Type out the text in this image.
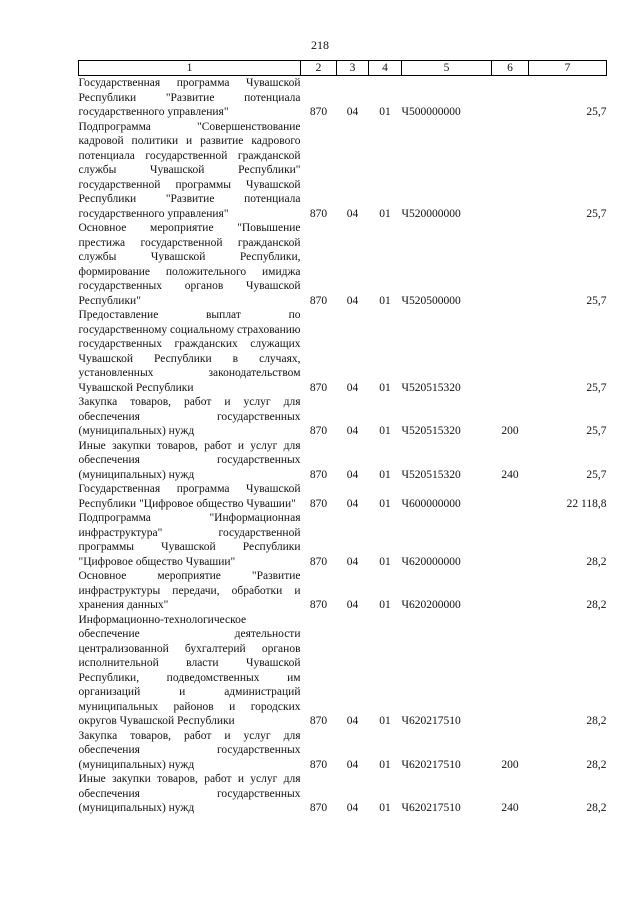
218
1	2	3	4	5	6	7
Государственная программа Чувашской Республики "Развитие потенциала государственного управления"	870	04	01	Ч500000000		25,7
Подпрограмма "Совершенствование кадровой политики и развитие кадрового потенциала государственной гражданской службы Чувашской Республики" государственной программы Чувашской Республики "Развитие потенциала государственного управления"	870	04	01	Ч520000000		25,7
Основное мероприятие "Повышение престижа государственной гражданской службы Чувашской Республики, формирование положительного имиджа государственных органов Чувашской Республики"	870	04	01	Ч520500000		25,7
Предоставление выплат по государственному социальному страхованию государственных гражданских служащих Чувашской Республики в случаях, установленных законодательством Чувашской Республики	870	04	01	Ч520515320		25,7
Закупка товаров, работ и услуг для обеспечения государственных (муниципальных) нужд	870	04	01	Ч520515320	200	25,7
Иные закупки товаров, работ и услуг для обеспечения государственных (муниципальных) нужд	870	04	01	Ч520515320	240	25,7
Государственная программа Чувашской Республики "Цифровое общество Чувашии"	870	04	01	Ч600000000		22 118,8
Подпрограмма "Информационная инфраструктура" государственной программы Чувашской Республики "Цифровое общество Чувашии"	870	04	01	Ч620000000		28,2
Основное мероприятие "Развитие инфраструктуры передачи, обработки и хранения данных"	870	04	01	Ч620200000		28,2
Информационно-технологическое обеспечение деятельности централизованной бухгалтерий органов исполнительной власти Чувашской Республики, подведомственных им организаций и администраций муниципальных районов и городских округов Чувашской Республики	870	04	01	Ч620217510		28,2
Закупка товаров, работ и услуг для обеспечения государственных (муниципальных) нужд	870	04	01	Ч620217510	200	28,2
Иные закупки товаров, работ и услуг для обеспечения государственных (муниципальных) нужд	870	04	01	Ч620217510	240	28,2
